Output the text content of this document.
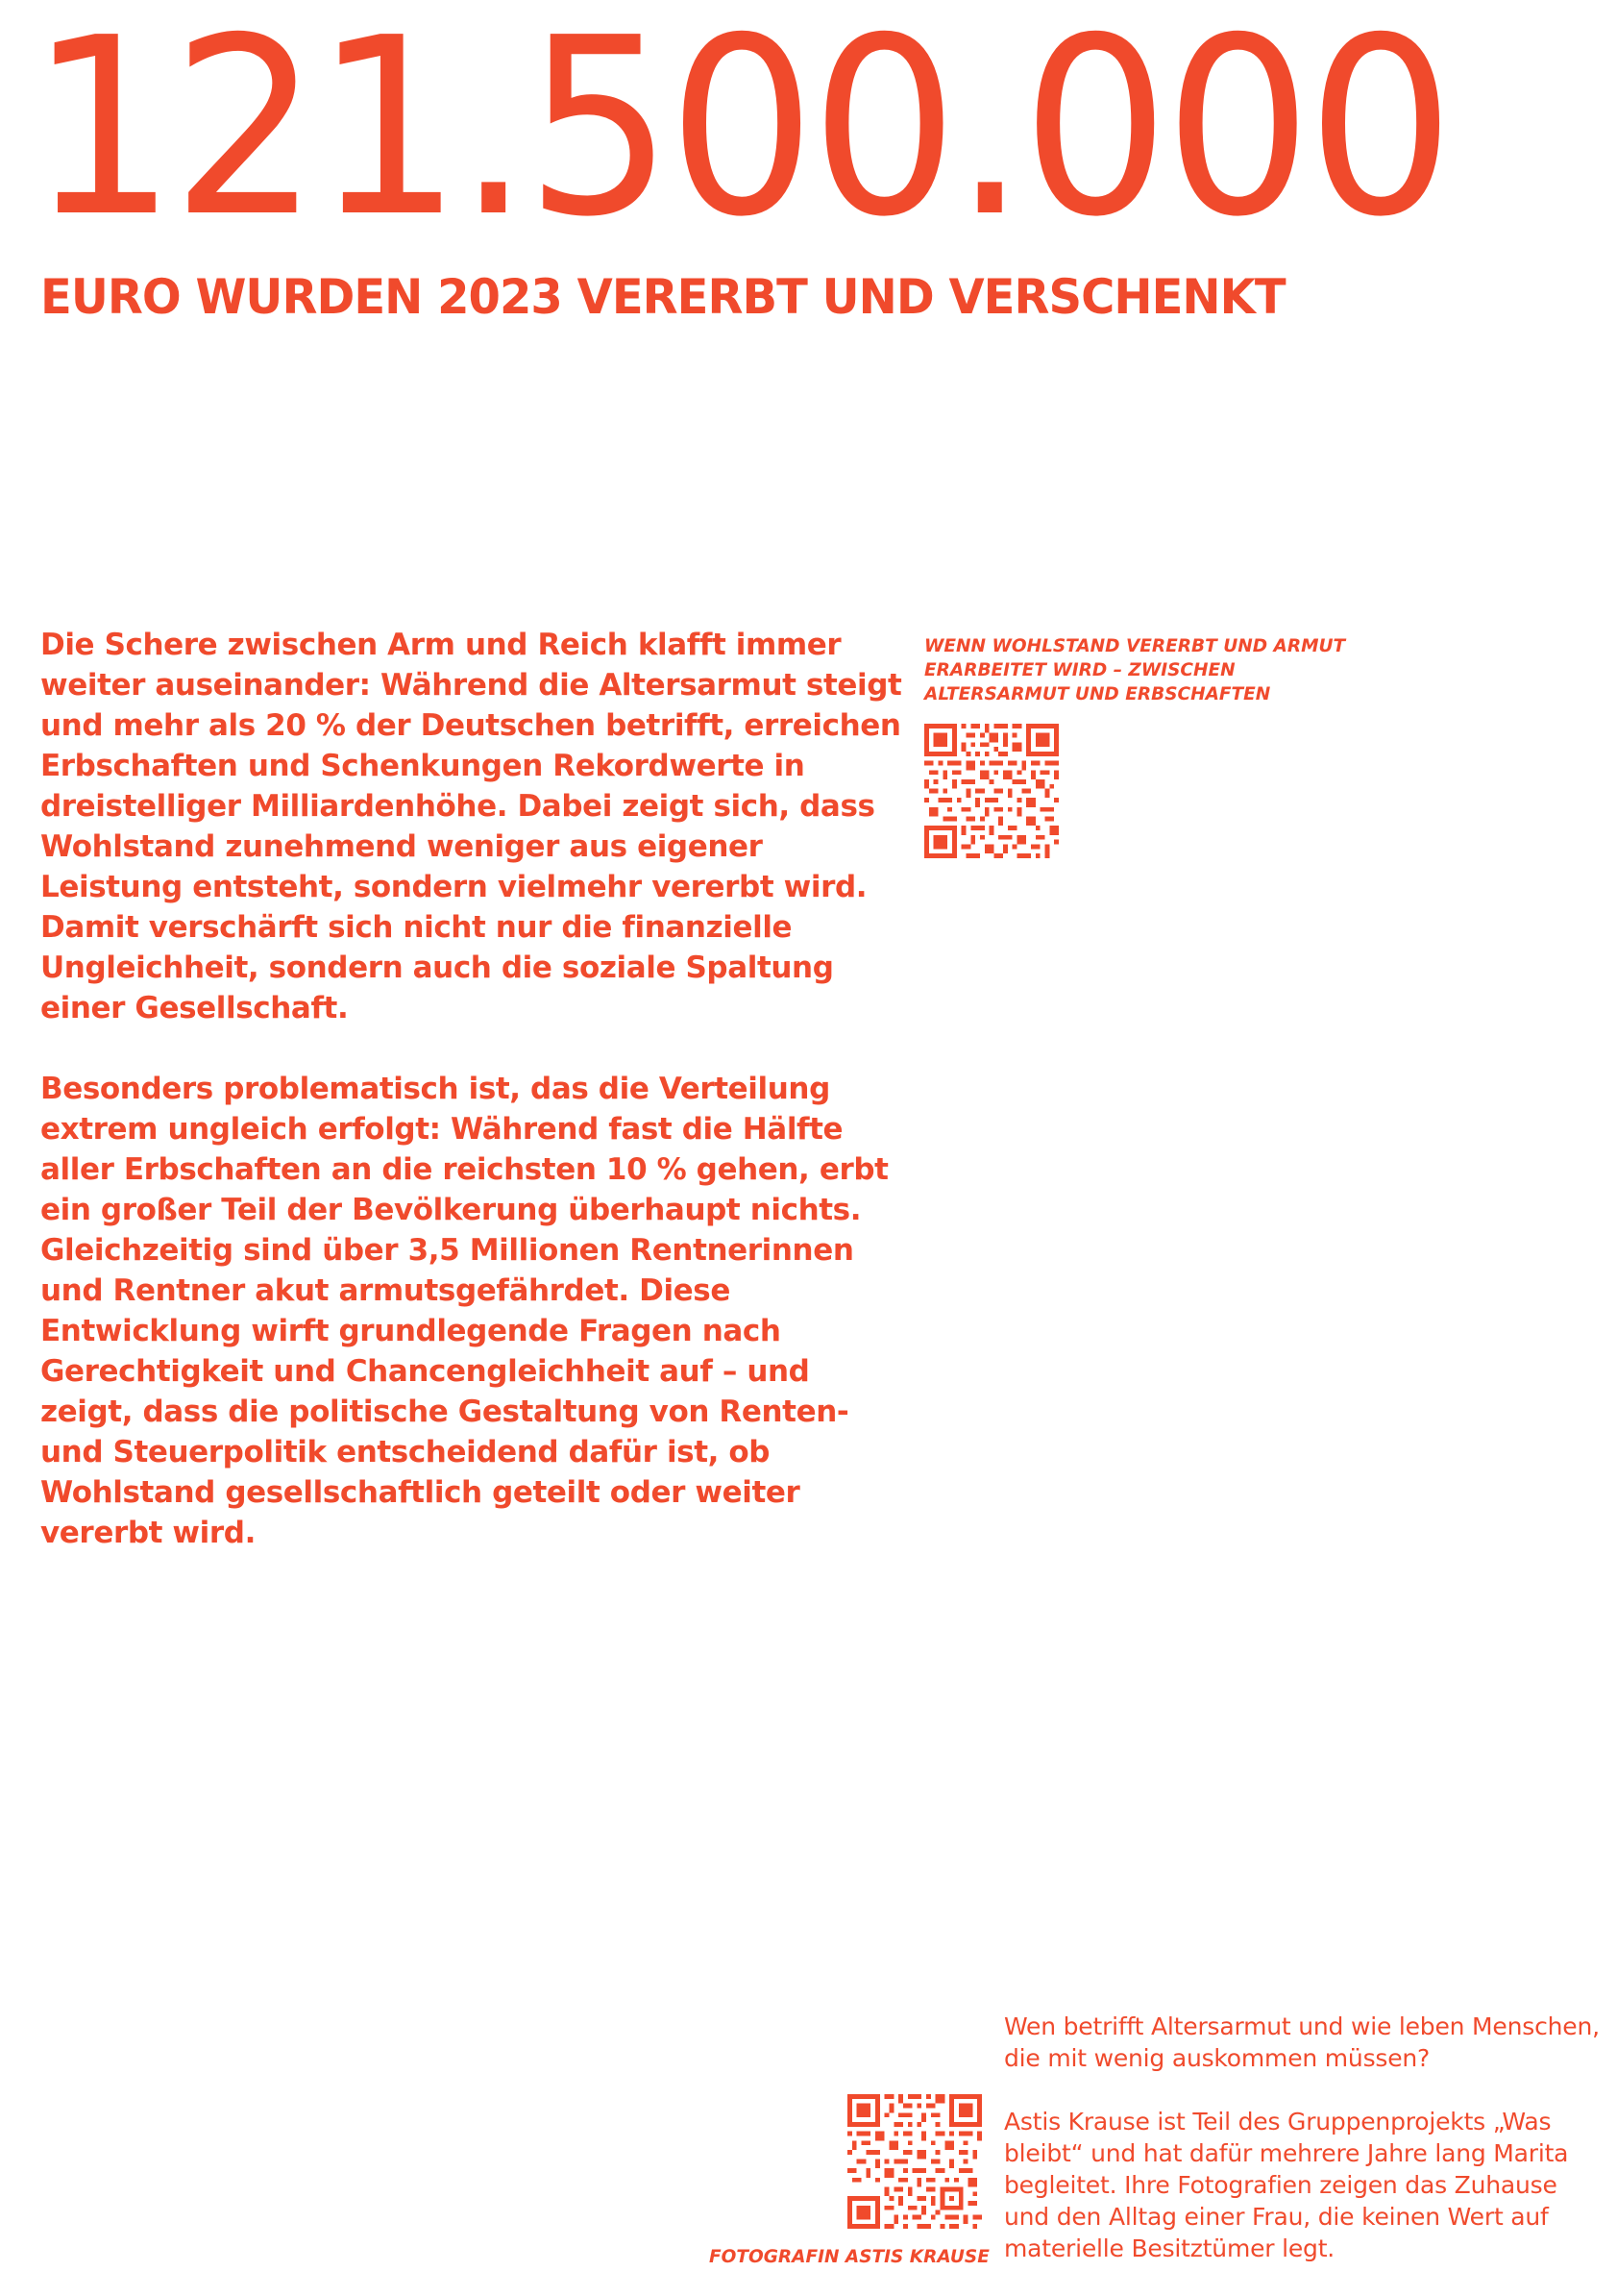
121.500.000
EURO WURDEN 2023 VERERBT UND VERSCHENKT

Die Schere zwischen Arm und Reich klafft immer weiter auseinander: Während die Altersarmut steigt und mehr als 20 % der Deutschen betrifft, erreichen Erbschaften und Schenkungen Rekordwerte in dreistelliger Milliardenhöhe. Dabei zeigt sich, dass Wohlstand zunehmend weniger aus eigener Leistung entsteht, sondern vielmehr vererbt wird. Damit verschärft sich nicht nur die finanzielle Ungleichheit, sondern auch die soziale Spaltung einer Gesellschaft.

Besonders problematisch ist, das die Verteilung extrem ungleich erfolgt: Während fast die Hälfte aller Erbschaften an die reichsten 10 % gehen, erbt ein großer Teil der Bevölkerung überhaupt nichts. Gleichzeitig sind über 3,5 Millionen Rentnerinnen und Rentner akut armutsgefährdet. Diese Entwicklung wirft grundlegende Fragen nach Gerechtigkeit und Chancengleichheit auf – und zeigt, dass die politische Gestaltung von Renten- und Steuerpolitik entscheidend dafür ist, ob Wohlstand gesellschaftlich geteilt oder weiter vererbt wird.

WENN WOHLSTAND VERERBT UND ARMUT ERARBEITET WIRD – ZWISCHEN ALTERSARMUT UND ERBSCHAFTEN
FOTOGRAFIN ASTIS KRAUSE

Wen betrifft Altersarmut und wie leben Menschen, die mit wenig auskommen müssen?

Astis Krause ist Teil des Gruppenprojekts „Was bleibt“ und hat dafür mehrere Jahre lang Marita begleitet. Ihre Fotografien zeigen das Zuhause und den Alltag einer Frau, die keinen Wert auf materielle Besitztümer legt.
